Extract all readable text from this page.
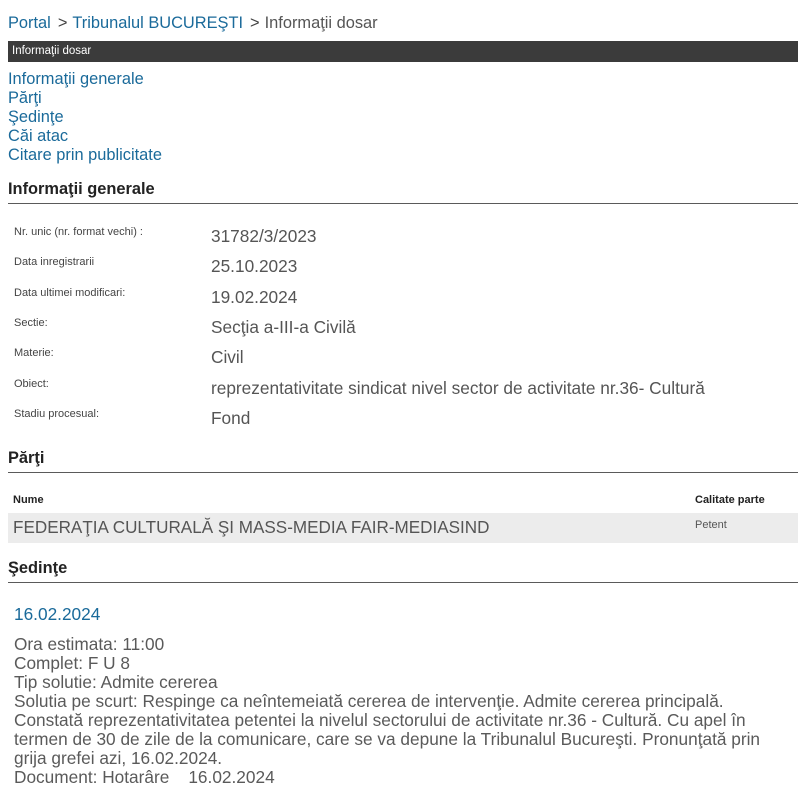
Portal > Tribunalul BUCUREŞTI > Informaţii dosar
Informaţii dosar
Informaţii generale
Părţi
Şedinţe
Căi atac
Citare prin publicitate
Informaţii generale
Nr. unic (nr. format vechi) :	31782/3/2023
Data inregistrarii	25.10.2023
Data ultimei modificari:	19.02.2024
Sectie:	Secţia a-III-a Civilă
Materie:	Civil
Obiect:	reprezentativitate sindicat nivel sector de activitate nr.36- Cultură
Stadiu procesual:	Fond
Părţi
Nume	Calitate parte
FEDERAŢIA CULTURALĂ ŞI MASS-MEDIA FAIR-MEDIASIND	Petent
Şedinţe
16.02.2024
Ora estimata: 11:00
Complet: F U 8
Tip solutie: Admite cererea
Solutia pe scurt: Respinge ca neîntemeiată cererea de intervenţie. Admite cererea principală. Constată reprezentativitatea petentei la nivelul sectorului de activitate nr.36 - Cultură. Cu apel în termen de 30 de zile de la comunicare, care se va depune la Tribunalul Bucureşti. Pronunţată prin grija grefei azi, 16.02.2024.
Document: Hotarâre 16.02.2024
